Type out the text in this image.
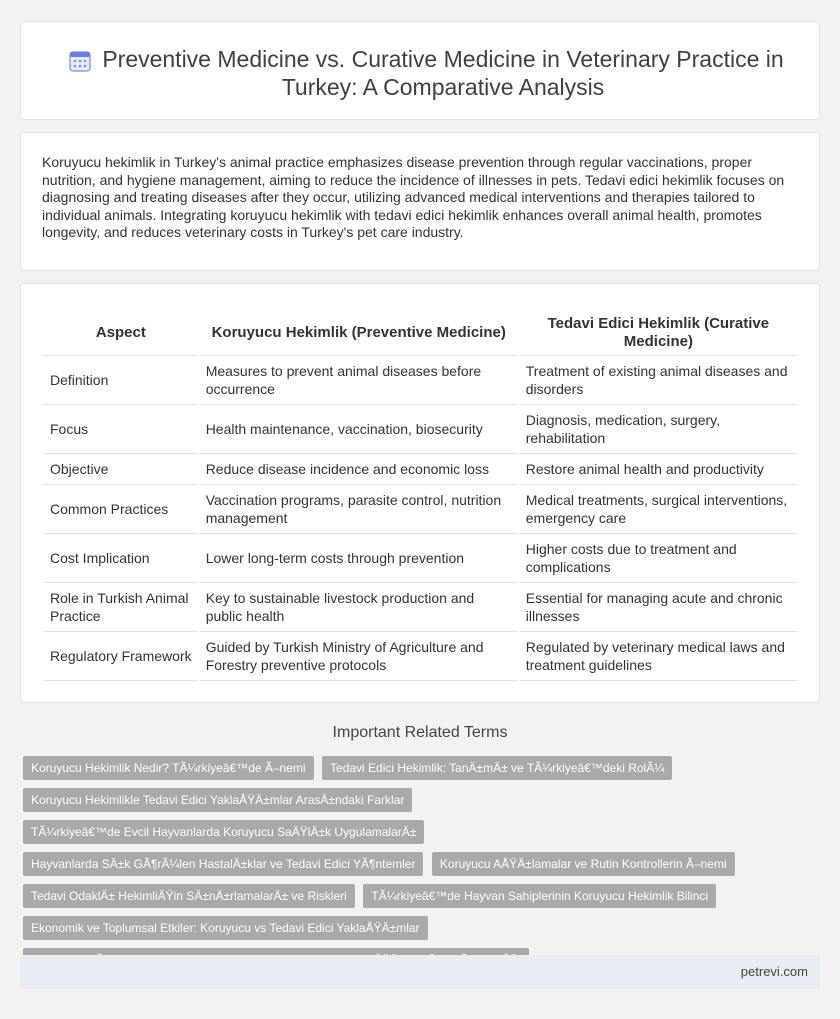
Preventive Medicine vs. Curative Medicine in Veterinary Practice in Turkey: A Comparative Analysis

Koruyucu hekimlik in Turkey's animal practice emphasizes disease prevention through regular vaccinations, proper nutrition, and hygiene management, aiming to reduce the incidence of illnesses in pets. Tedavi edici hekimlik focuses on diagnosing and treating diseases after they occur, utilizing advanced medical interventions and therapies tailored to individual animals. Integrating koruyucu hekimlik with tedavi edici hekimlik enhances overall animal health, promotes longevity, and reduces veterinary costs in Turkey's pet care industry.

Aspect	Koruyucu Hekimlik (Preventive Medicine)	Tedavi Edici Hekimlik (Curative Medicine)
Definition	Measures to prevent animal diseases before occurrence	Treatment of existing animal diseases and disorders
Focus	Health maintenance, vaccination, biosecurity	Diagnosis, medication, surgery, rehabilitation
Objective	Reduce disease incidence and economic loss	Restore animal health and productivity
Common Practices	Vaccination programs, parasite control, nutrition management	Medical treatments, surgical interventions, emergency care
Cost Implication	Lower long-term costs through prevention	Higher costs due to treatment and complications
Role in Turkish Animal Practice	Key to sustainable livestock production and public health	Essential for managing acute and chronic illnesses
Regulatory Framework	Guided by Turkish Ministry of Agriculture and Forestry preventive protocols	Regulated by veterinary medical laws and treatment guidelines
Important Related Terms
Koruyucu Hekimlik Nedir? TÃ¼rkiyeâ€™de Ã–nemi Tedavi Edici Hekimlik: TanÄ±mÄ± ve TÃ¼rkiyeâ€™deki RolÃ¼ Koruyucu Hekimlikle Tedavi Edici YaklaÅŸÄ±mlar ArasÄ±ndaki Farklar TÃ¼rkiyeâ€™de Evcil Hayvanlarda Koruyucu SaÄŸlÄ±k UygulamalarÄ± Hayvanlarda SÄ±k GÃ¶rÃ¼len HastalÄ±klar ve Tedavi Edici YÃ¶ntemler Koruyucu AÅŸÄ±lamalar ve Rutin Kontrollerin Ã–nemi Tedavi OdaklÄ± HekimliÄŸin SÄ±nÄ±rlamalarÄ± ve Riskleri TÃ¼rkiyeâ€™de Hayvan Sahiplerinin Koruyucu Hekimlik Bilinci Ekonomik ve Toplumsal Etkiler: Koruyucu vs Tedavi Edici YaklaÅŸÄ±mlar
petrevi.com
